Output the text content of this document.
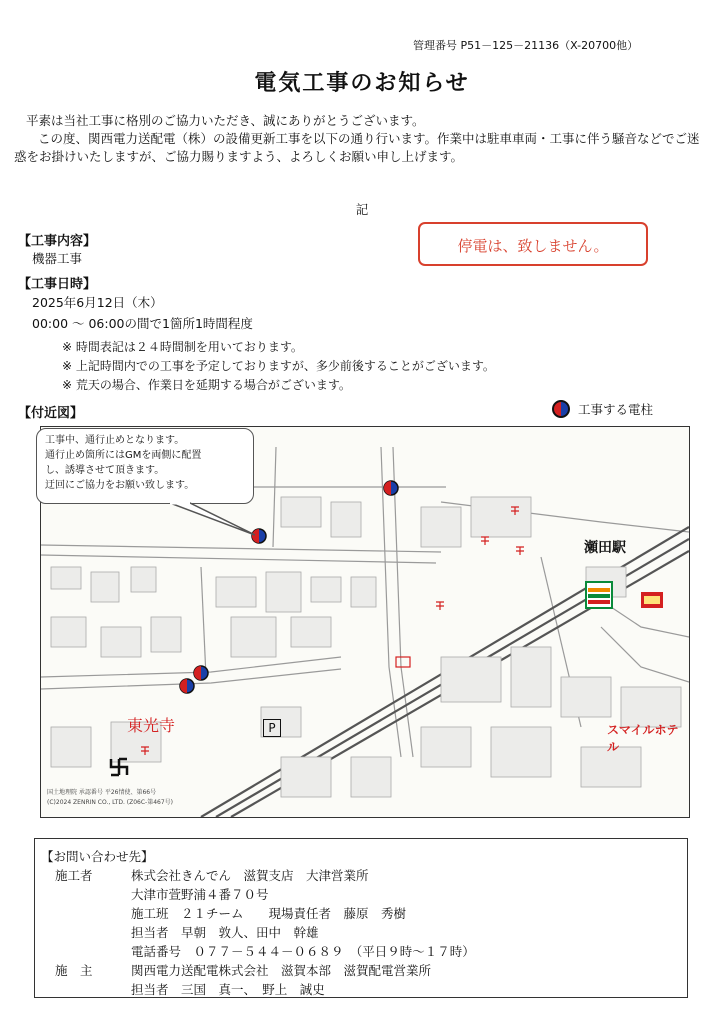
管理番号 P51－125－21136（X-20700他）
電気工事のお知らせ

平素は当社工事に格別のご協力いただき、誠にありがとうございます。

この度、関西電力送配電（株）の設備更新工事を以下の通り行います。作業中は駐車車両・工事に伴う騒音などでご迷惑をお掛けいたしますが、ご協力賜りますよう、よろしくお願い申し上げます。

記
【工事内容】
機器工事
停電は、致しません。
【工事日時】
2025年6月12日（木）
00:00 ～ 06:00の間で1箇所1時間程度
※ 時間表記は２４時間制を用いております。
※ 上記時間内での工事を予定しておりますが、多少前後することがございます。
※ 荒天の場合、作業日を延期する場合がございます。
【付近図】	工事する電柱
瀬田駅
東光寺	スマイルホテル
P
国土地理院 承認番号 平26情使、第66号
(C)2024 ZENRIN CO., LTD. (Z06C-第467号)
工事中、通行止めとなります。
通行止め箇所にはGMを両側に配置
し、誘導させて頂きます。
迂回にご協力をお願い致します。
【お問い合わせ先】
施工者	株式会社きんでん　滋賀支店　大津営業所
大津市萱野浦４番７０号
施工班　２１チーム　　現場責任者　藤原　秀樹
担当者　早朝　敦人、田中　幹雄
電話番号　０７７－５４４－０６８９　（平日９時～１７時）
施　主	関西電力送配電株式会社　滋賀本部　滋賀配電営業所
担当者　三国　真一、　野上　誠史
